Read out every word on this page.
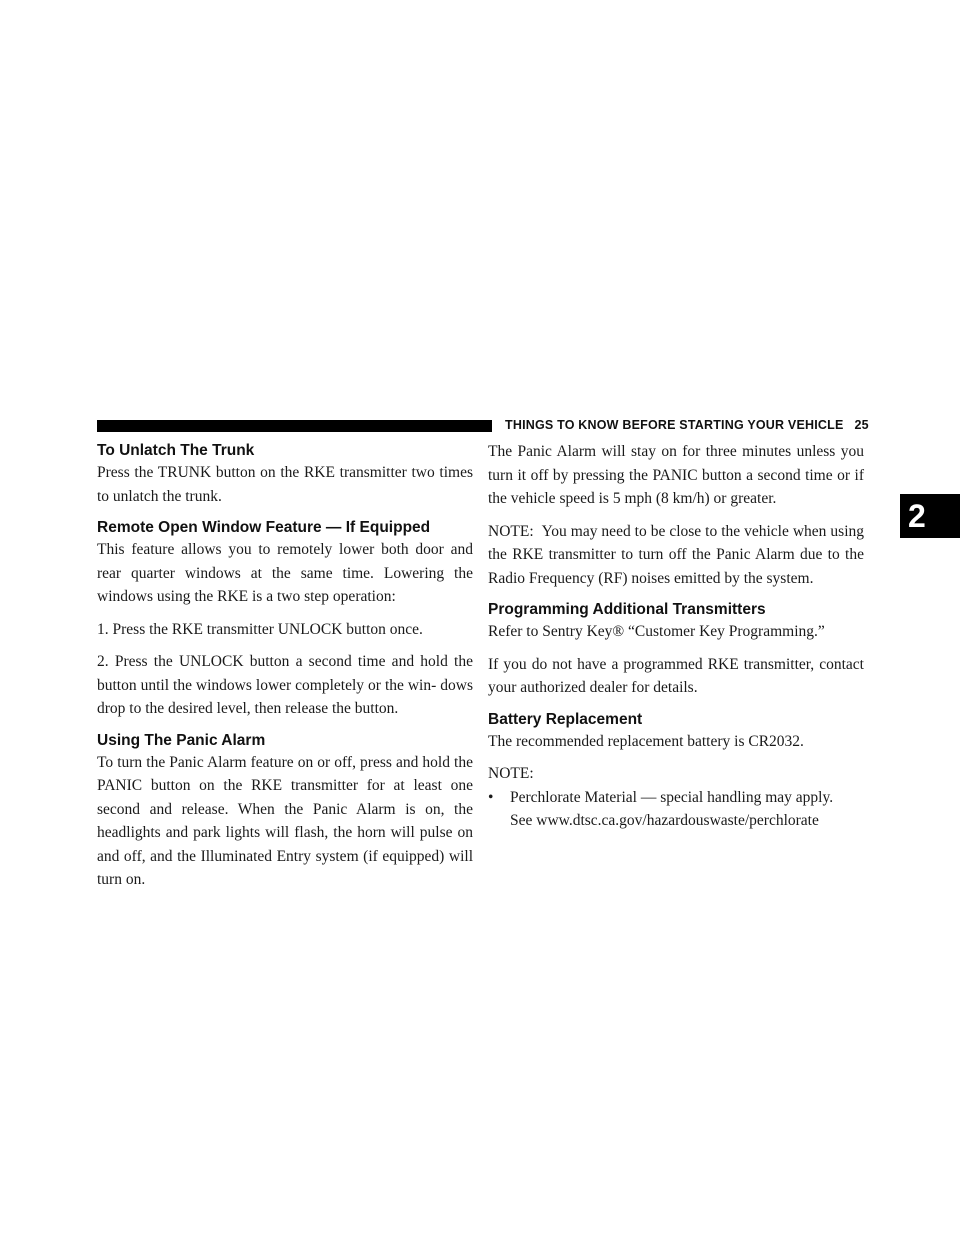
THINGS TO KNOW BEFORE STARTING YOUR VEHICLE 25
2
To Unlatch The Trunk

Press the TRUNK button on the RKE transmitter two times to unlatch the trunk.

Remote Open Window Feature — If Equipped

This feature allows you to remotely lower both door and rear quarter windows at the same time. Lowering the windows using the RKE is a two step operation:

1. Press the RKE transmitter UNLOCK button once.

2. Press the UNLOCK button a second time and hold the button until the windows lower completely or the win- dows drop to the desired level, then release the button.

Using The Panic Alarm

To turn the Panic Alarm feature on or off, press and hold the PANIC button on the RKE transmitter for at least one second and release. When the Panic Alarm is on, the headlights and park lights will flash, the horn will pulse on and off, and the Illuminated Entry system (if equipped) will turn on.

The Panic Alarm will stay on for three minutes unless you turn it off by pressing the PANIC button a second time or if the vehicle speed is 5 mph (8 km/h) or greater.

NOTE: You may need to be close to the vehicle when using the RKE transmitter to turn off the Panic Alarm due to the Radio Frequency (RF) noises emitted by the system.

Programming Additional Transmitters

Refer to Sentry Key® “Customer Key Programming.”

If you do not have a programmed RKE transmitter, contact your authorized dealer for details.

Battery Replacement

The recommended replacement battery is CR2032.

NOTE:

•	Perchlorate Material — special handling may apply.
See www.dtsc.ca.gov/hazardouswaste/perchlorate
